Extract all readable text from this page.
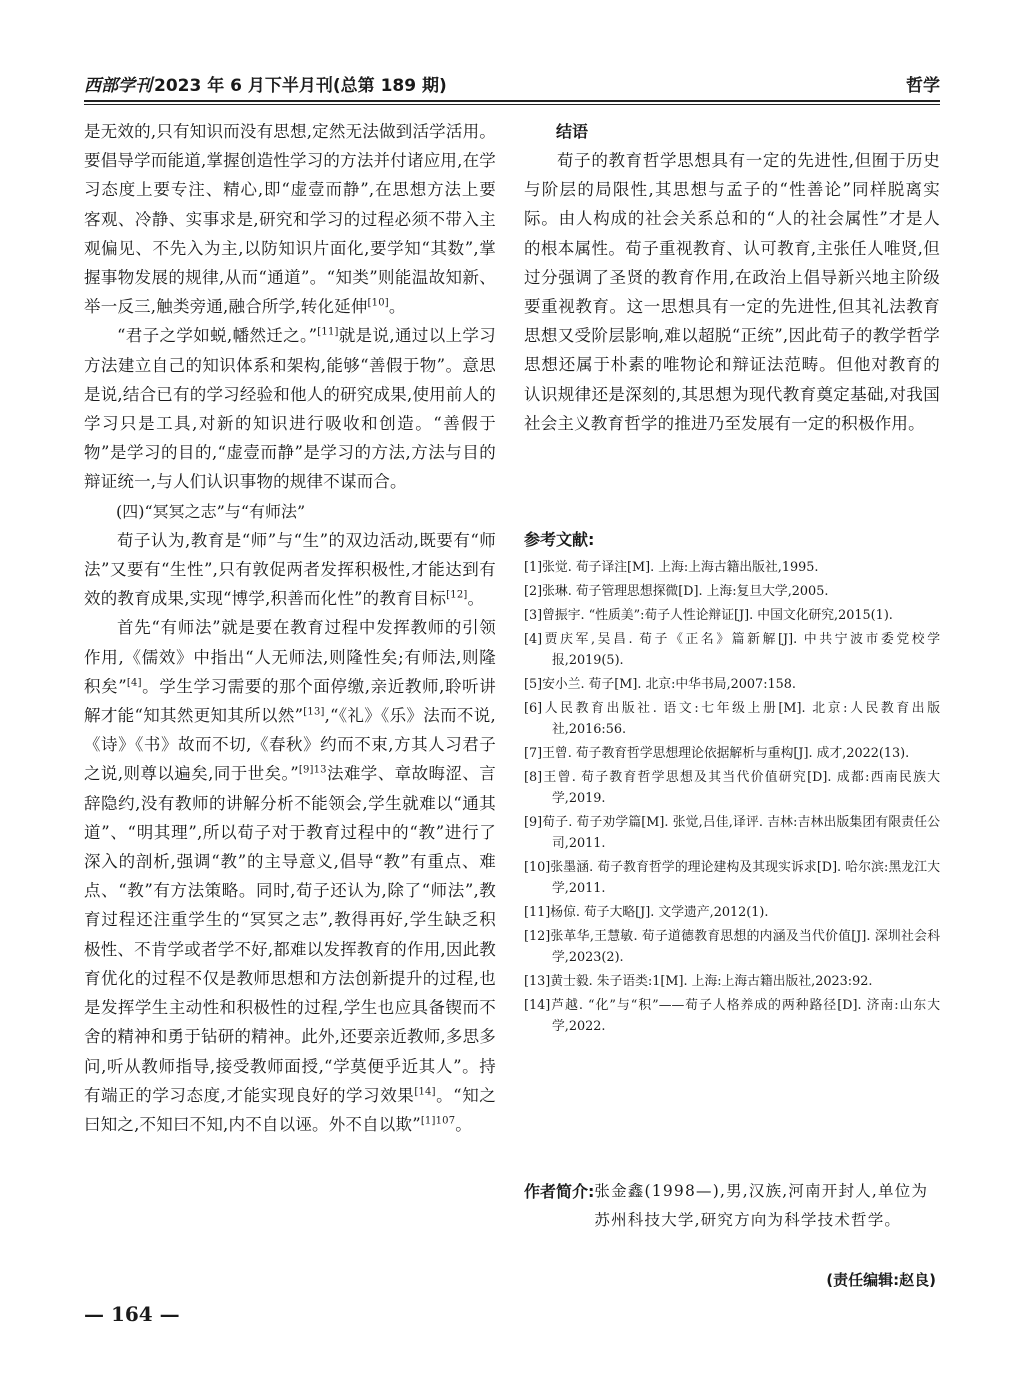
西部学刊 2023 年 6 月下半月刊(总第 189 期)	哲学

是无效的,只有知识而没有思想,定然无法做到活学活用。要倡导学而能道,掌握创造性学习的方法并付诸应用,在学习态度上要专注、精心,即“虚壹而静”,在思想方法上要客观、冷静、实事求是,研究和学习的过程必须不带入主观偏见、不先入为主,以防知识片面化,要学知“其数”,掌握事物发展的规律,从而“通道”。“知类”则能温故知新、举一反三,触类旁通,融合所学,转化延伸[10]。

“君子之学如蜕,幡然迁之。”[11]就是说,通过以上学习方法建立自己的知识体系和架构,能够“善假于物”。意思是说,结合已有的学习经验和他人的研究成果,使用前人的学习只是工具,对新的知识进行吸收和创造。“善假于物”是学习的目的,“虚壹而静”是学习的方法,方法与目的辩证统一,与人们认识事物的规律不谋而合。

(四)“冥冥之志”与“有师法”

荀子认为,教育是“师”与“生”的双边活动,既要有“师法”又要有“生性”,只有敦促两者发挥积极性,才能达到有效的教育成果,实现“博学,积善而化性”的教育目标[12]。

首先“有师法”就是要在教育过程中发挥教师的引领作用,《儒效》中指出“人无师法,则隆性矣;有师法,则隆积矣”[4]。学生学习需要的那个面停缴,亲近教师,聆听讲解才能“知其然更知其所以然”[13],“《礼》《乐》法而不说,《诗》《书》故而不切,《春秋》约而不束,方其人习君子之说,则尊以遍矣,同于世矣。”$^{[9]13}$法难学、章故晦涩、言辞隐约,没有教师的讲解分析不能领会,学生就难以“通其道”、“明其理”,所以荀子对于教育过程中的“教”进行了深入的剖析,强调“教”的主导意义,倡导“教”有重点、难点、“教”有方法策略。同时,荀子还认为,除了“师法”,教育过程还注重学生的“冥冥之志”,教得再好,学生缺乏积极性、不肯学或者学不好,都难以发挥教育的作用,因此教育优化的过程不仅是教师思想和方法创新提升的过程,也是发挥学生主动性和积极性的过程,学生也应具备锲而不舍的精神和勇于钻研的精神。此外,还要亲近教师,多思多问,听从教师指导,接受教师面授,“学莫便乎近其人”。持有端正的学习态度,才能实现良好的学习效果[14]。“知之曰知之,不知曰不知,内不自以诬。外不自以欺”$^{[1]107}$。

结语

荀子的教育哲学思想具有一定的先进性,但囿于历史与阶层的局限性,其思想与孟子的“性善论”同样脱离实际。由人构成的社会关系总和的“人的社会属性”才是人的根本属性。荀子重视教育、认可教育,主张任人唯贤,但过分强调了圣贤的教育作用,在政治上倡导新兴地主阶级要重视教育。这一思想具有一定的先进性,但其礼法教育思想又受阶层影响,难以超脱“正统”,因此荀子的教学哲学思想还属于朴素的唯物论和辩证法范畴。但他对教育的认识规律还是深刻的,其思想为现代教育奠定基础,对我国社会主义教育哲学的推进乃至发展有一定的积极作用。

参考文献:

[1]张觉. 荀子译注[M]. 上海:上海古籍出版社,1995.

[2]张琳. 荀子管理思想探微[D]. 上海:复旦大学,2005.

[3]曾振宇. “性质美”:荀子人性论辩证[J]. 中国文化研究,2015(1).

[4]贾庆军,吴昌. 荀子《正名》篇新解[J]. 中共宁波市委党校学报,2019(5).

[5]安小兰. 荀子[M]. 北京:中华书局,2007:158.

[6]人民教育出版社. 语文:七年级上册[M]. 北京:人民教育出版社,2016:56.

[7]王曾. 荀子教育哲学思想理论依据解析与重构[J]. 成才,2022(13).

[8]王曾. 荀子教育哲学思想及其当代价值研究[D]. 成都:西南民族大学,2019.

[9]荀子. 荀子劝学篇[M]. 张觉,吕佳,译评. 吉林:吉林出版集团有限责任公司,2011.

[10]张墨涵. 荀子教育哲学的理论建构及其现实诉求[D]. 哈尔滨:黑龙江大学,2011.

[11]杨倞. 荀子大略[J]. 文学遗产,2012(1).

[12]张革华,王慧敏. 荀子道德教育思想的内涵及当代价值[J]. 深圳社会科学,2023(2).

[13]黄士毅. 朱子语类:1[M]. 上海:上海古籍出版社,2023:92.

[14]芦越. “化”与“积”——荀子人格养成的两种路径[D]. 济南:山东大学,2022.

作者简介: 张金鑫(1998—),男,汉族,河南开封人,单位为苏州科技大学,研究方向为科学技术哲学。
(责任编辑:赵良)
— 164 —
